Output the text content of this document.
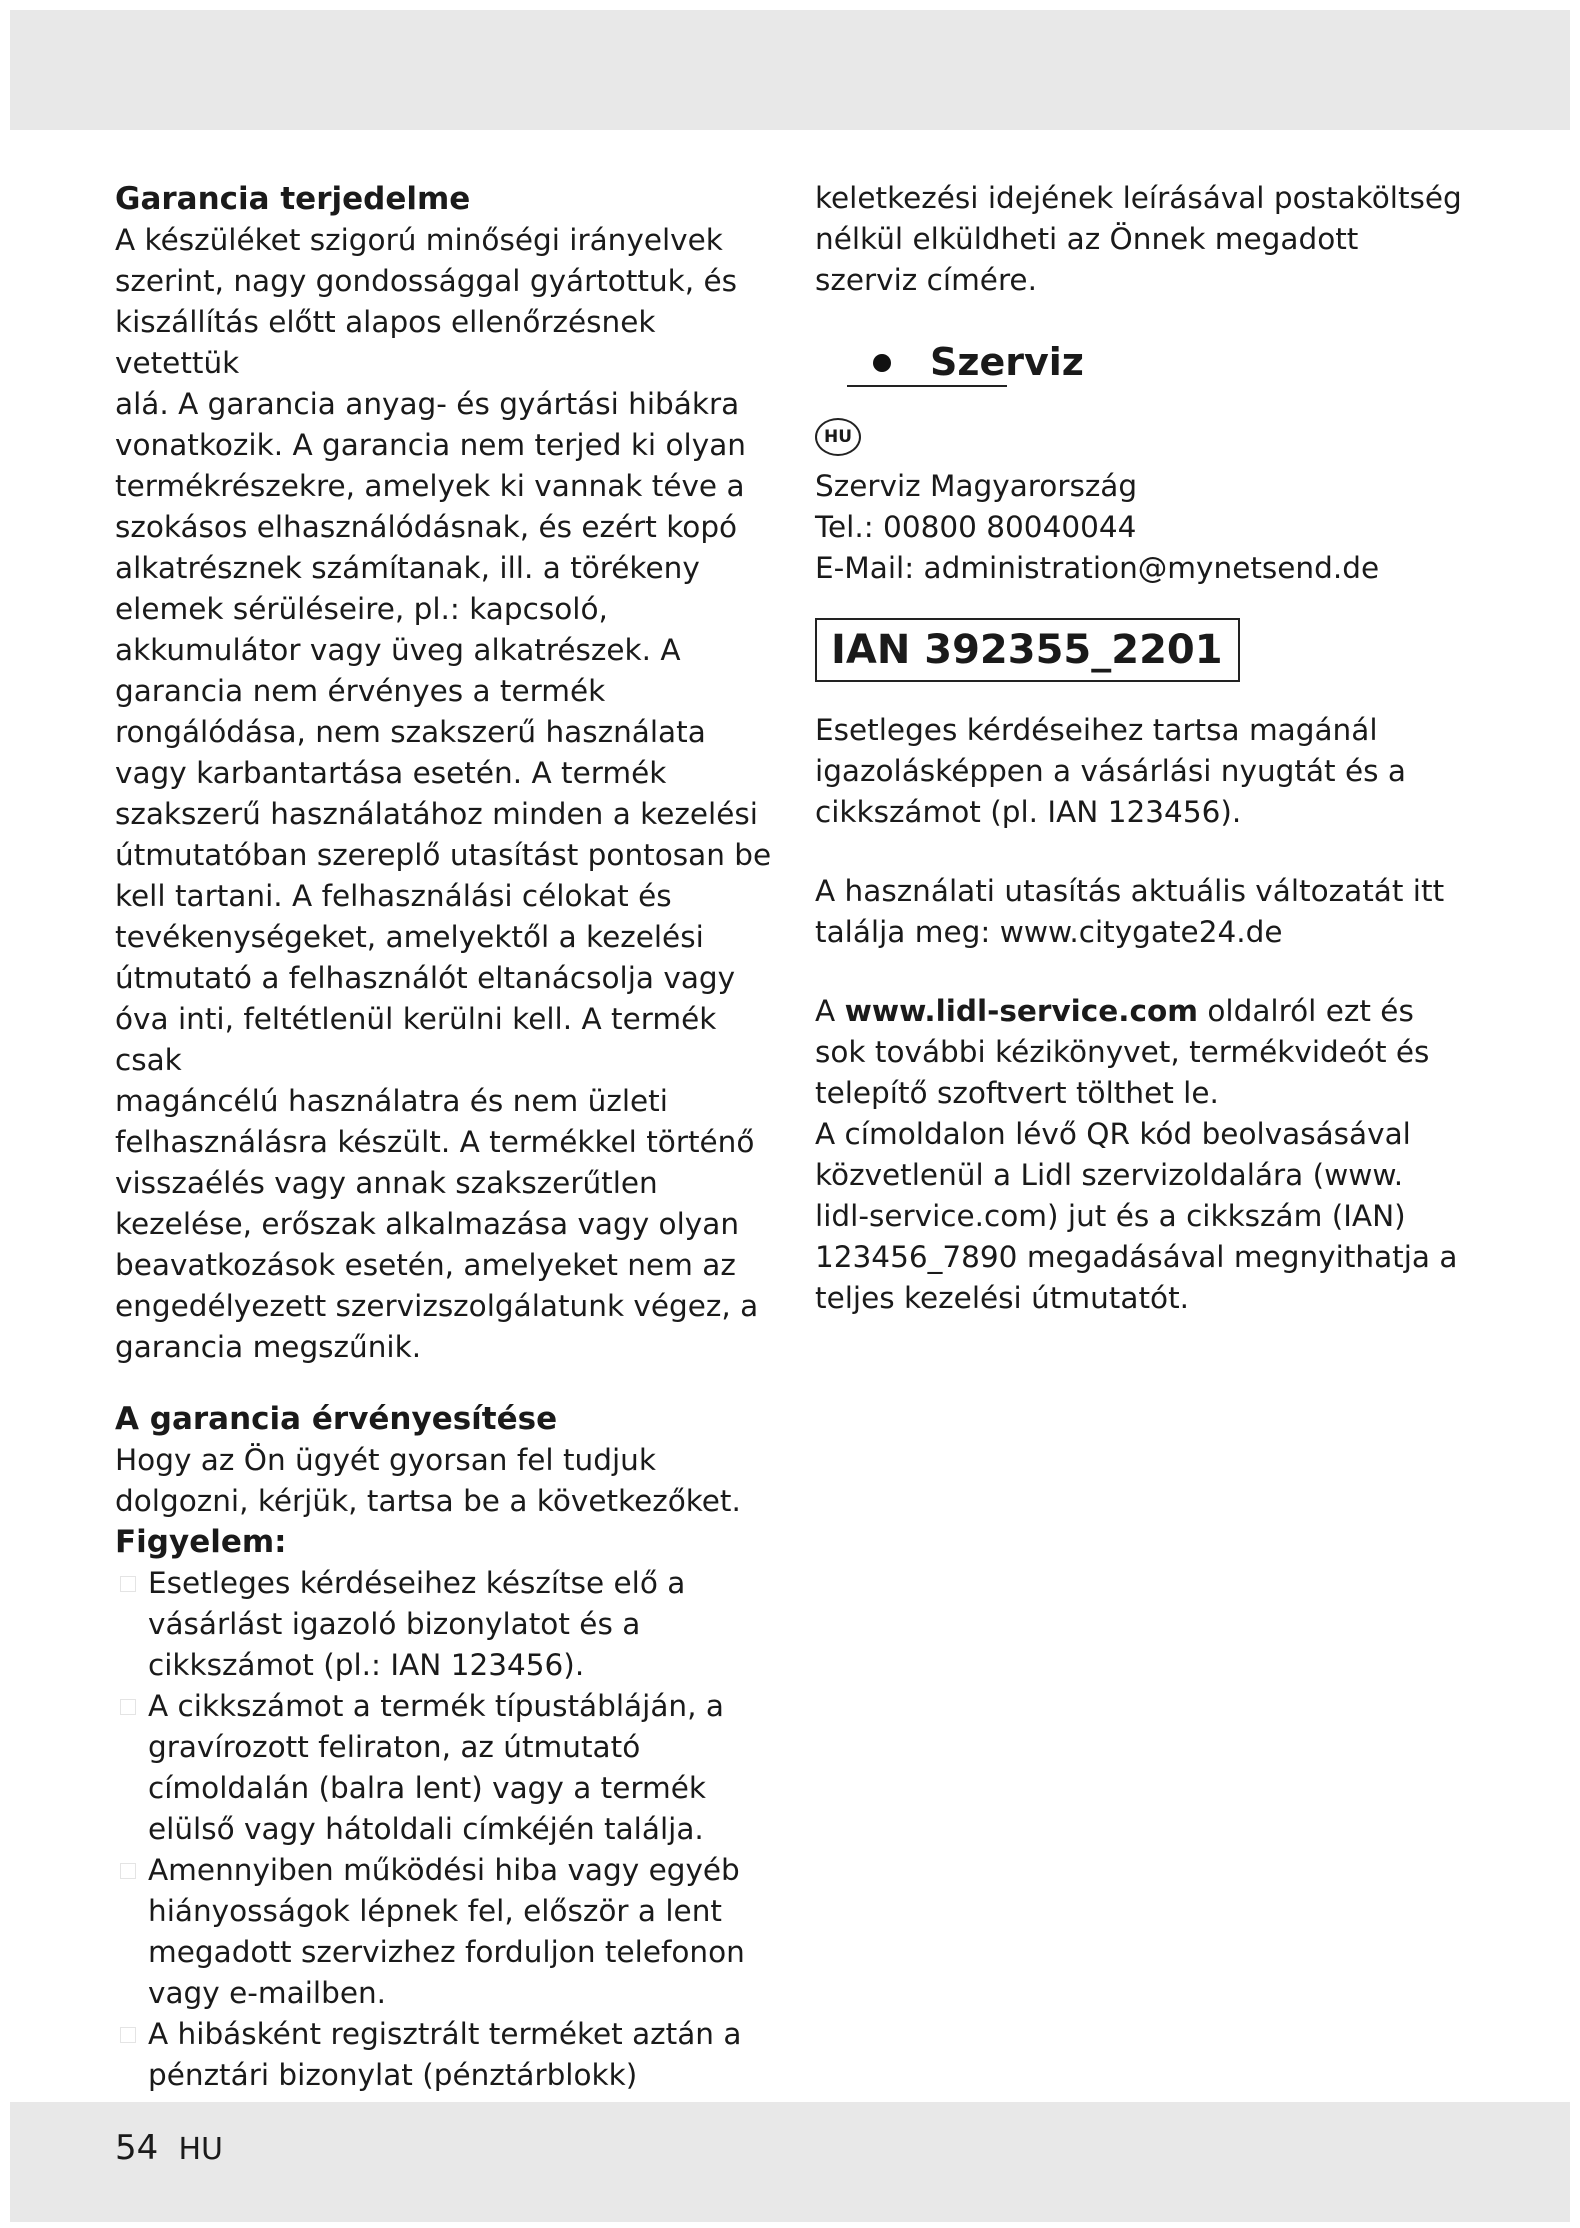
Garancia terjedelme

A készüléket szigorú minőségi irányelvek

szerint, nagy gondossággal gyártottuk, és

kiszállítás előtt alapos ellenőrzésnek vetettük

alá. A garancia anyag- és gyártási hibákra

vonatkozik. A garancia nem terjed ki olyan

termékrészekre, amelyek ki vannak téve a

szokásos elhasználódásnak, és ezért kopó

alkatrésznek számítanak, ill. a törékeny

elemek sérüléseire, pl.: kapcsoló,

akkumulátor vagy üveg alkatrészek. A

garancia nem érvényes a termék

rongálódása, nem szakszerű használata

vagy karbantartása esetén. A termék

szakszerű használatához minden a kezelési

útmutatóban szereplő utasítást pontosan be

kell tartani. A felhasználási célokat és

tevékenységeket, amelyektől a kezelési

útmutató a felhasználót eltanácsolja vagy

óva inti, feltétlenül kerülni kell. A termék csak

magáncélú használatra és nem üzleti

felhasználásra készült. A termékkel történő

visszaélés vagy annak szakszerűtlen

kezelése, erőszak alkalmazása vagy olyan

beavatkozások esetén, amelyeket nem az

engedélyezett szervizszolgálatunk végez, a

garancia megszűnik.

A garancia érvényesítése

Hogy az Ön ügyét gyorsan fel tudjuk

dolgozni, kérjük, tartsa be a következőket.

Figyelem:

Esetleges kérdéseihez készítse elő a
vásárlást igazoló bizonylatot és a
cikkszámot (pl.: IAN 123456).
A cikkszámot a termék típustábláján, a
gravírozott feliraton, az útmutató
címoldalán (balra lent) vagy a termék
elülső vagy hátoldali címkéjén találja.
Amennyiben működési hiba vagy egyéb
hiányosságok lépnek fel, először a lent
megadott szervizhez forduljon telefonon
vagy e-mailben.
A hibásként regisztrált terméket aztán a
pénztári bizonylat (pénztárblokk)

keletkezési idejének leírásával postaköltség

nélkül elküldheti az Önnek megadott

szerviz címére.

Szerviz
HU

Szerviz Magyarország

Tel.: 00800 80040044

E-Mail: administration@mynetsend.de

IAN 392355_2201

Esetleges kérdéseihez tartsa magánál

igazolásképpen a vásárlási nyugtát és a

cikkszámot (pl. IAN 123456).

A használati utasítás aktuális változatát itt

találja meg: www.citygate24.de

A www.lidl-service.com oldalról ezt és

sok további kézikönyvet, termékvideót és

telepítő szoftvert tölthet le.

A címoldalon lévő QR kód beolvasásával

közvetlenül a Lidl szervizoldalára (www.

lidl-service.com) jut és a cikkszám (IAN)

123456_7890 megadásával megnyithatja a

teljes kezelési útmutatót.

54 HU
